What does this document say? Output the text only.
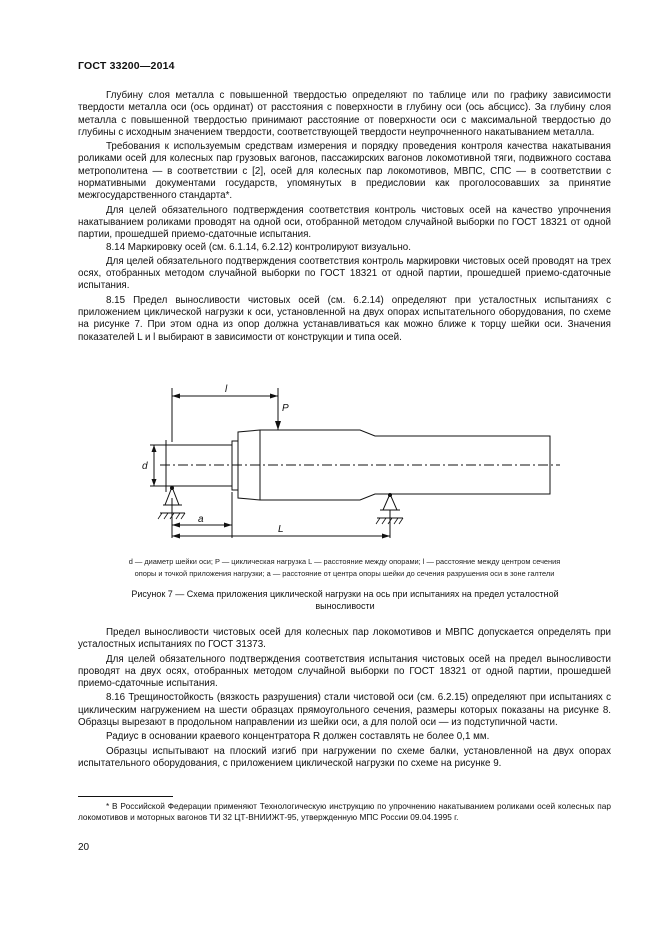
ГОСТ 33200—2014

Глубину слоя металла с повышенной твердостью определяют по таблице или по графику зависимости твердости металла оси (ось ординат) от расстояния с поверхности в глубину оси (ось абсцисс). За глубину слоя металла с повышенной твердостью принимают расстояние от поверхности оси с максимальной твердостью до глубины с исходным значением твердости, соответствующей твердости неупрочненного накатыванием металла.

Требования к используемым средствам измерения и порядку проведения контроля качества накатывания роликами осей для колесных пар грузовых вагонов, пассажирских вагонов локомотивной тяги, подвижного состава метрополитена — в соответствии с [2], осей для колесных пар локомотивов, МВПС, СПС — в соответствии с нормативными документами государств, упомянутых в предисловии как проголосовавших за принятие межгосударственного стандарта*.

Для целей обязательного подтверждения соответствия контроль чистовых осей на качество упрочнения накатыванием роликами проводят на одной оси, отобранной методом случайной выборки по ГОСТ 18321 от одной партии, прошедшей приемо-сдаточные испытания.

8.14 Маркировку осей (см. 6.1.14, 6.2.12) контролируют визуально.

Для целей обязательного подтверждения соответствия контроль маркировки чистовых осей проводят на трех осях, отобранных методом случайной выборки по ГОСТ 18321 от одной партии, прошедшей приемо-сдаточные испытания.

8.15 Предел выносливости чистовых осей (см. 6.2.14) определяют при усталостных испытаниях с приложением циклической нагрузки к оси, установленной на двух опорах испытательного оборудования, по схеме на рисунке 7. При этом одна из опор должна устанавливаться как можно ближе к торцу шейки оси. Значения показателей L и l выбирают в зависимости от конструкции и типа осей.

l
P
d
a
L
d — диаметр шейки оси; P — циклическая нагрузка L — расстояние между опорами; l — расстояние между центром сечения
опоры и точкой приложения нагрузки; a — расстояние от центра опоры шейки до сечения разрушения оси в зоне галтели
Рисунок 7 — Схема приложения циклической нагрузки на ось при испытаниях на предел усталостной
выносливости

Предел выносливости чистовых осей для колесных пар локомотивов и МВПС допускается определять при усталостных испытаниях по ГОСТ 31373.

Для целей обязательного подтверждения соответствия испытания чистовых осей на предел выносливости проводят на двух осях, отобранных методом случайной выборки по ГОСТ 18321 от одной партии, прошедшей приемо-сдаточные испытания.

8.16 Трещиностойкость (вязкость разрушения) стали чистовой оси (см. 6.2.15) определяют при испытаниях с циклическим нагружением на шести образцах прямоугольного сечения, размеры которых показаны на рисунке 8. Образцы вырезают в продольном направлении из шейки оси, а для полой оси — из подступичной части.

Радиус в основании краевого концентратора R должен составлять не более 0,1 мм.

Образцы испытывают на плоский изгиб при нагружении по схеме балки, установленной на двух опорах испытательного оборудования, с приложением циклической нагрузки по схеме на рисунке 9.

* В Российской Федерации применяют Технологическую инструкцию по упрочнению накатыванием роликами осей колесных пар локомотивов и моторных вагонов ТИ 32 ЦТ-ВНИИЖТ-95, утвержденную МПС России 09.04.1995 г.

20
